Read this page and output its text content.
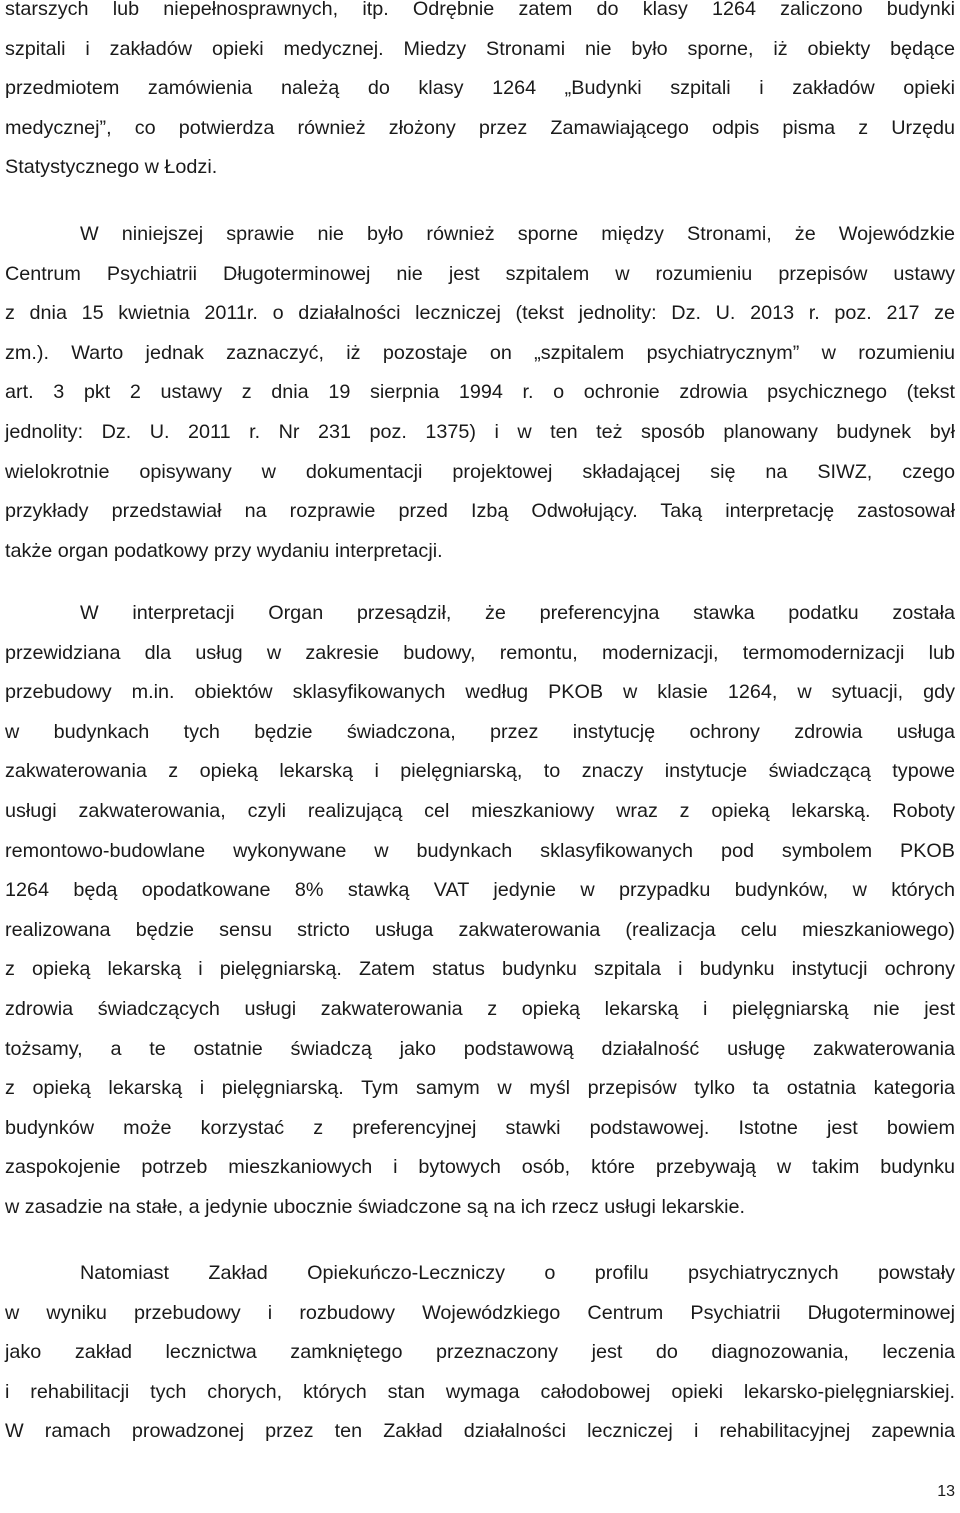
starszych lub niepełnosprawnych, itp. Odrębnie zatem do klasy 1264 zaliczono budynki
szpitali i zakładów opieki medycznej. Miedzy Stronami nie było sporne, iż obiekty będące
przedmiotem zamówienia należą do klasy 1264 „Budynki szpitali i zakładów opieki
medycznej”, co potwierdza również złożony przez Zamawiającego odpis pisma z Urzędu
Statystycznego w Łodzi.
W niniejszej sprawie nie było również sporne między Stronami, że Wojewódzkie
Centrum Psychiatrii Długoterminowej nie jest szpitalem w rozumieniu przepisów ustawy
z dnia 15 kwietnia 2011r. o działalności leczniczej (tekst jednolity: Dz. U. 2013 r. poz. 217 ze
zm.). Warto jednak zaznaczyć, iż pozostaje on „szpitalem psychiatrycznym” w rozumieniu
art. 3 pkt 2 ustawy z dnia 19 sierpnia 1994 r. o ochronie zdrowia psychicznego (tekst
jednolity: Dz. U. 2011 r. Nr 231 poz. 1375) i w ten też sposób planowany budynek był
wielokrotnie opisywany w dokumentacji projektowej składającej się na SIWZ, czego
przykłady przedstawiał na rozprawie przed Izbą Odwołujący. Taką interpretację zastosował
także organ podatkowy przy wydaniu interpretacji.
W interpretacji Organ przesądził, że preferencyjna stawka podatku została
przewidziana dla usług w zakresie budowy, remontu, modernizacji, termomodernizacji lub
przebudowy m.in. obiektów sklasyfikowanych według PKOB w klasie 1264, w sytuacji, gdy
w budynkach tych będzie świadczona, przez instytucję ochrony zdrowia usługa
zakwaterowania z opieką lekarską i pielęgniarską, to znaczy instytucje świadczącą typowe
usługi zakwaterowania, czyli realizującą cel mieszkaniowy wraz z opieką lekarską. Roboty
remontowo-budowlane wykonywane w budynkach sklasyfikowanych pod symbolem PKOB
1264 będą opodatkowane 8% stawką VAT jedynie w przypadku budynków, w których
realizowana będzie sensu stricto usługa zakwaterowania (realizacja celu mieszkaniowego)
z opieką lekarską i pielęgniarską. Zatem status budynku szpitala i budynku instytucji ochrony
zdrowia świadczących usługi zakwaterowania z opieką lekarską i pielęgniarską nie jest
tożsamy, a te ostatnie świadczą jako podstawową działalność usługę zakwaterowania
z opieką lekarską i pielęgniarską. Tym samym w myśl przepisów tylko ta ostatnia kategoria
budynków może korzystać z preferencyjnej stawki podstawowej. Istotne jest bowiem
zaspokojenie potrzeb mieszkaniowych i bytowych osób, które przebywają w takim budynku
w zasadzie na stałe, a jedynie ubocznie świadczone są na ich rzecz usługi lekarskie.
Natomiast Zakład Opiekuńczo-Leczniczy o profilu psychiatrycznych powstały
w wyniku przebudowy i rozbudowy Wojewódzkiego Centrum Psychiatrii Długoterminowej
jako zakład lecznictwa zamkniętego przeznaczony jest do diagnozowania, leczenia
i rehabilitacji tych chorych, których stan wymaga całodobowej opieki lekarsko-pielęgniarskiej.
W ramach prowadzonej przez ten Zakład działalności leczniczej i rehabilitacyjnej zapewnia
13
